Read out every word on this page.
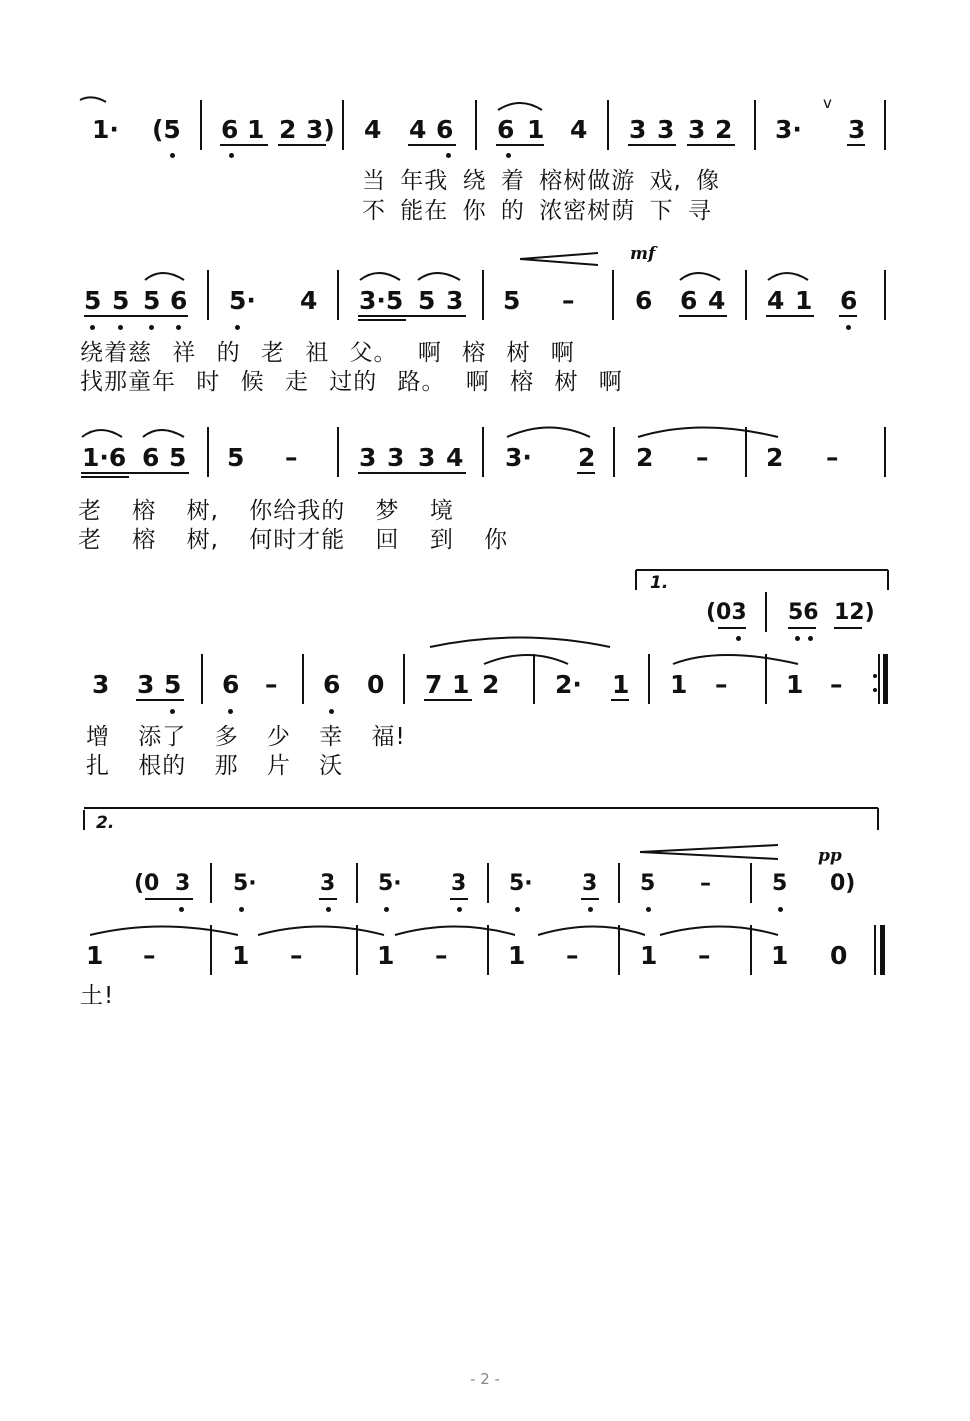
1· (5 6 1 2 3) 4 4 6 6 1 4 3 3 3 2 3·
v
3
当 年我 绕 着 榕树做游 戏, 像
不 能在 你 的 浓密树荫 下 寻
mf
5 5 5 6 5· 4 3·5 5 3 5 – 6 6 4 4 1 6
绕着慈 祥 的 老 祖 父。 啊 榕 树 啊
找那童年 时 候 走 过的 路。 啊 榕 树 啊
1·6 6 5 5 – 3 3 3 4 3· 2 2 – 2 –
老 榕 树, 你给我的 梦 境
老 榕 树, 何时才能 回 到 你
1.
(03 56 12)
3 3 5 6 – 6 0 7 1 2 2· 1 1 – 1 –
增 添了 多 少 幸 福!
扎 根的 那 片 沃
2.
pp
(0 3 5·	3 5· 3 5· 3 5 –	5 0)
1 –	1 –	1 – 1 – 1 – 1 0
土!
- 2 -
